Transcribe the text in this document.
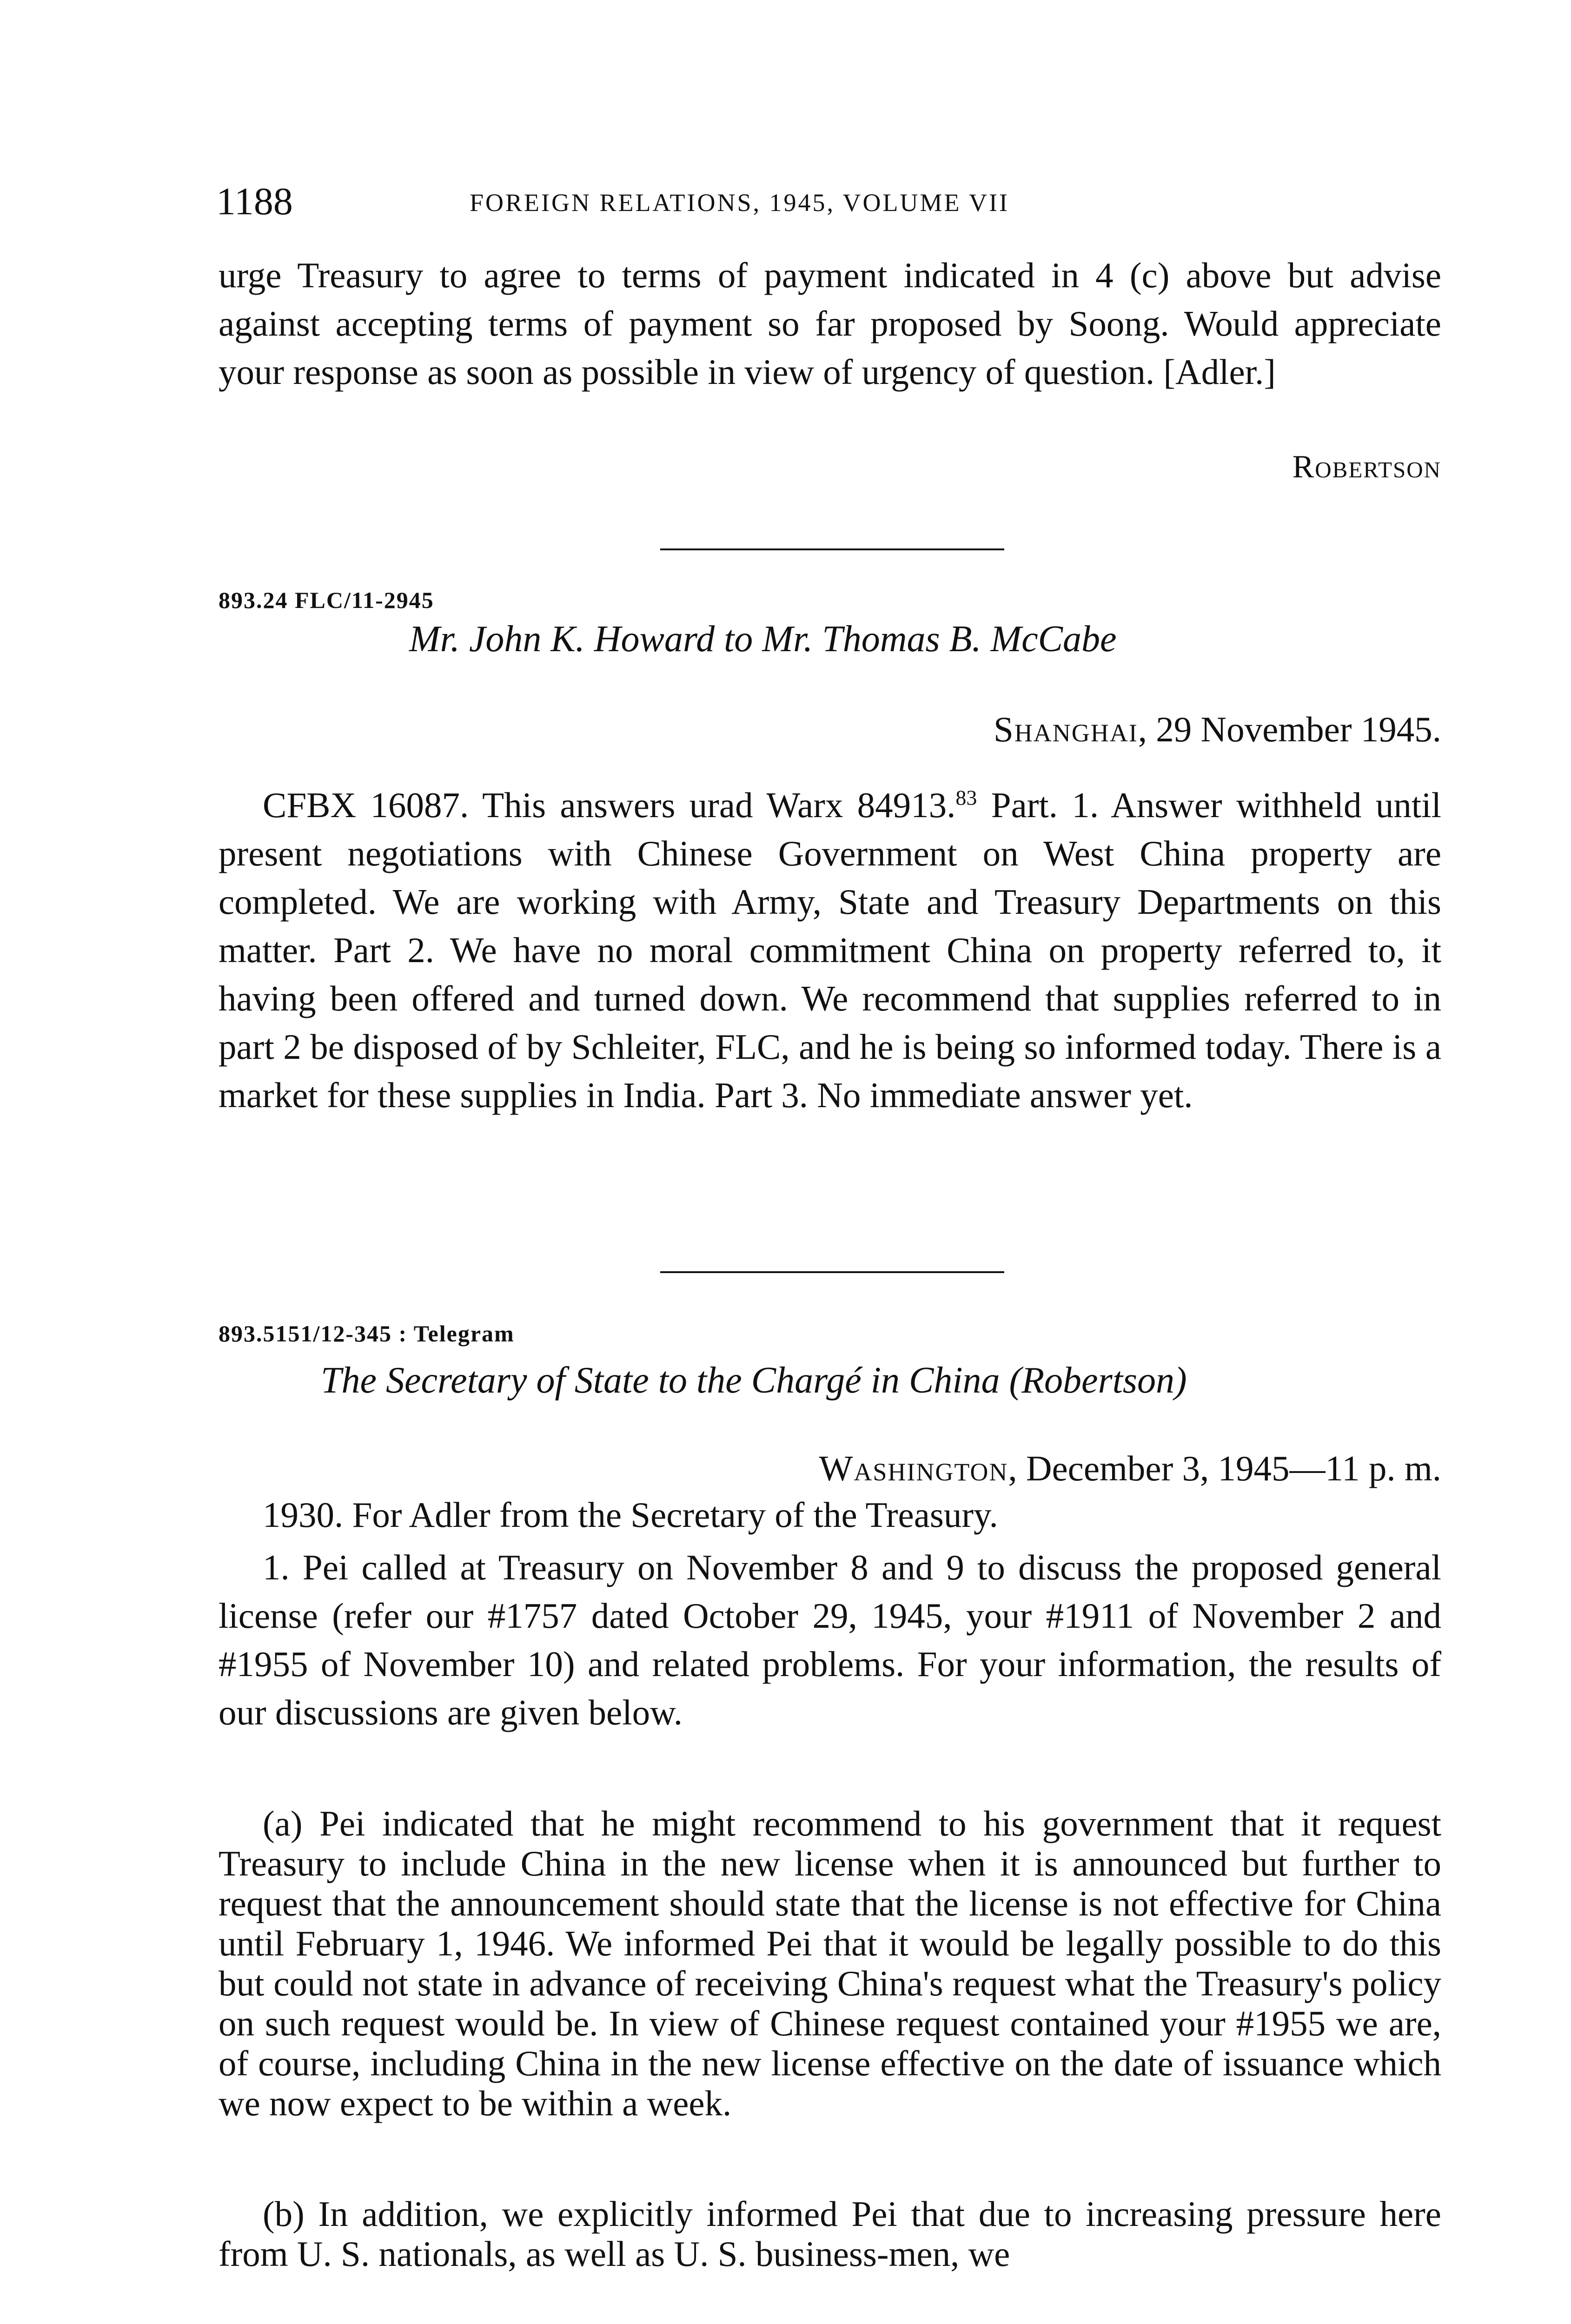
1188	FOREIGN RELATIONS, 1945, VOLUME VII
urge Treasury to agree to terms of payment indicated in 4 (c) above but advise against accepting terms of payment so far proposed by Soong. Would appreciate your response as soon as possible in view of urgency of question. [Adler.]
Robertson
893.24 FLC/11-2945
Mr. John K. Howard to Mr. Thomas B. McCabe
Shanghai, 29 November 1945.
CFBX 16087. This answers urad Warx 84913.83 Part. 1. Answer withheld until present negotiations with Chinese Government on West China property are completed. We are working with Army, State and Treasury Departments on this matter. Part 2. We have no moral commitment China on property referred to, it having been offered and turned down. We recommend that supplies referred to in part 2 be disposed of by Schleiter, FLC, and he is being so informed today. There is a market for these supplies in India. Part 3. No immediate answer yet.
893.5151/12-345 : Telegram
The Secretary of State to the Chargé in China (Robertson)
Washington, December 3, 1945—11 p. m.
1930. For Adler from the Secretary of the Treasury.
1. Pei called at Treasury on November 8 and 9 to discuss the proposed general license (refer our #1757 dated October 29, 1945, your #1911 of November 2 and #1955 of November 10) and related problems. For your information, the results of our discussions are given below.
(a) Pei indicated that he might recommend to his government that it request Treasury to include China in the new license when it is announced but further to request that the announcement should state that the license is not effective for China until February 1, 1946. We informed Pei that it would be legally possible to do this but could not state in advance of receiving China's request what the Treasury's policy on such request would be. In view of Chinese request contained your #1955 we are, of course, including China in the new license effective on the date of issuance which we now expect to be within a week.
(b) In addition, we explicitly informed Pei that due to increasing pressure here from U. S. nationals, as well as U. S. business-men, we
